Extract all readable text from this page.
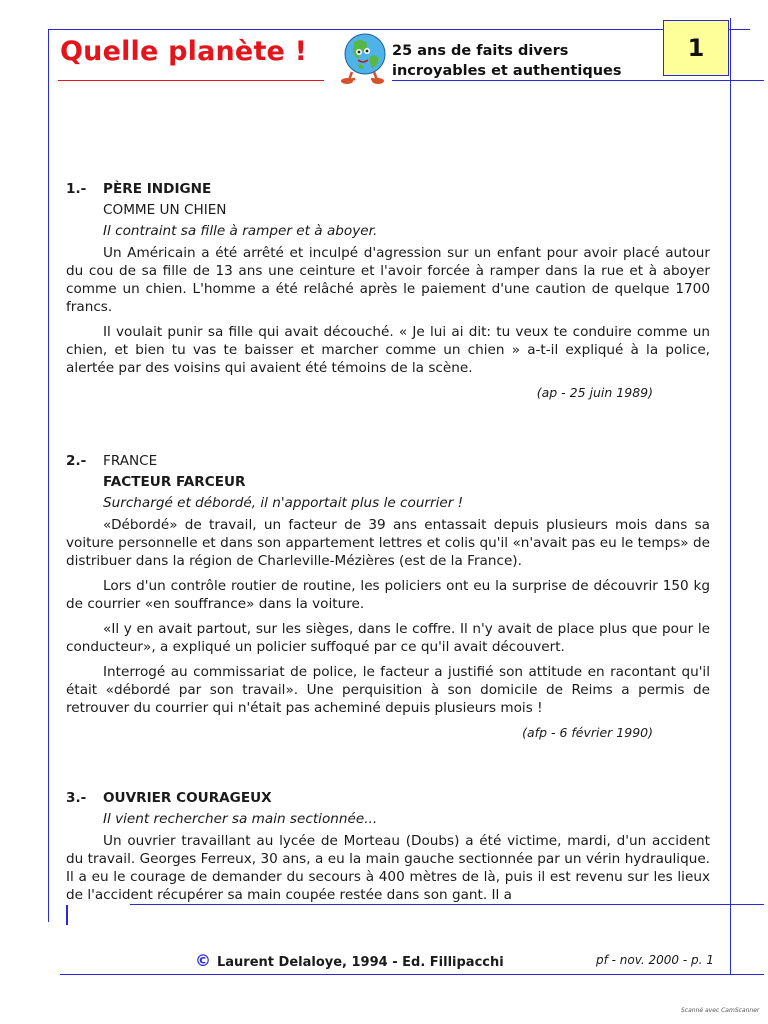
Quelle planète !	25 ans de faits divers
incroyables et authentiques
1
1.- PÈRE INDIGNE
COMME UN CHIEN
Il contraint sa fille à ramper et à aboyer.

Un Américain a été arrêté et inculpé d'agression sur un enfant pour avoir placé autour du cou de sa fille de 13 ans une ceinture et l'avoir forcée à ramper dans la rue et à aboyer comme un chien. L'homme a été relâché après le paiement d'une caution de quelque 1700 francs.

Il voulait punir sa fille qui avait découché. « Je lui ai dit: tu veux te conduire comme un chien, et bien tu vas te baisser et marcher comme un chien » a-t-il expliqué à la police, alertée par des voisins qui avaient été témoins de la scène.

(ap - 25 juin 1989)
2.- FRANCE
FACTEUR FARCEUR
Surchargé et débordé, il n'apportait plus le courrier !

«Débordé» de travail, un facteur de 39 ans entassait depuis plusieurs mois dans sa voiture personnelle et dans son appartement lettres et colis qu'il «n'avait pas eu le temps» de distribuer dans la région de Charleville-Mézières (est de la France).

Lors d'un contrôle routier de routine, les policiers ont eu la surprise de découvrir 150 kg de courrier «en souffrance» dans la voiture.

«Il y en avait partout, sur les sièges, dans le coffre. Il n'y avait de place plus que pour le conducteur», a expliqué un policier suffoqué par ce qu'il avait découvert.

Interrogé au commissariat de police, le facteur a justifié son attitude en racontant qu'il était «débordé par son travail». Une perquisition à son domicile de Reims a permis de retrouver du courrier qui n'était pas acheminé depuis plusieurs mois !

(afp - 6 février 1990)
3.- OUVRIER COURAGEUX
Il vient rechercher sa main sectionnée...

Un ouvrier travaillant au lycée de Morteau (Doubs) a été victime, mardi, d'un accident du travail. Georges Ferreux, 30 ans, a eu la main gauche sectionnée par un vérin hydraulique. Il a eu le courage de demander du secours à 400 mètres de là, puis il est revenu sur les lieux de l'accident récupérer sa main coupée restée dans son gant. Il a

© Laurent Delaloye, 1994 - Ed. Fillipacchi	pf - nov. 2000 - p. 1
Scanné avec CamScanner
